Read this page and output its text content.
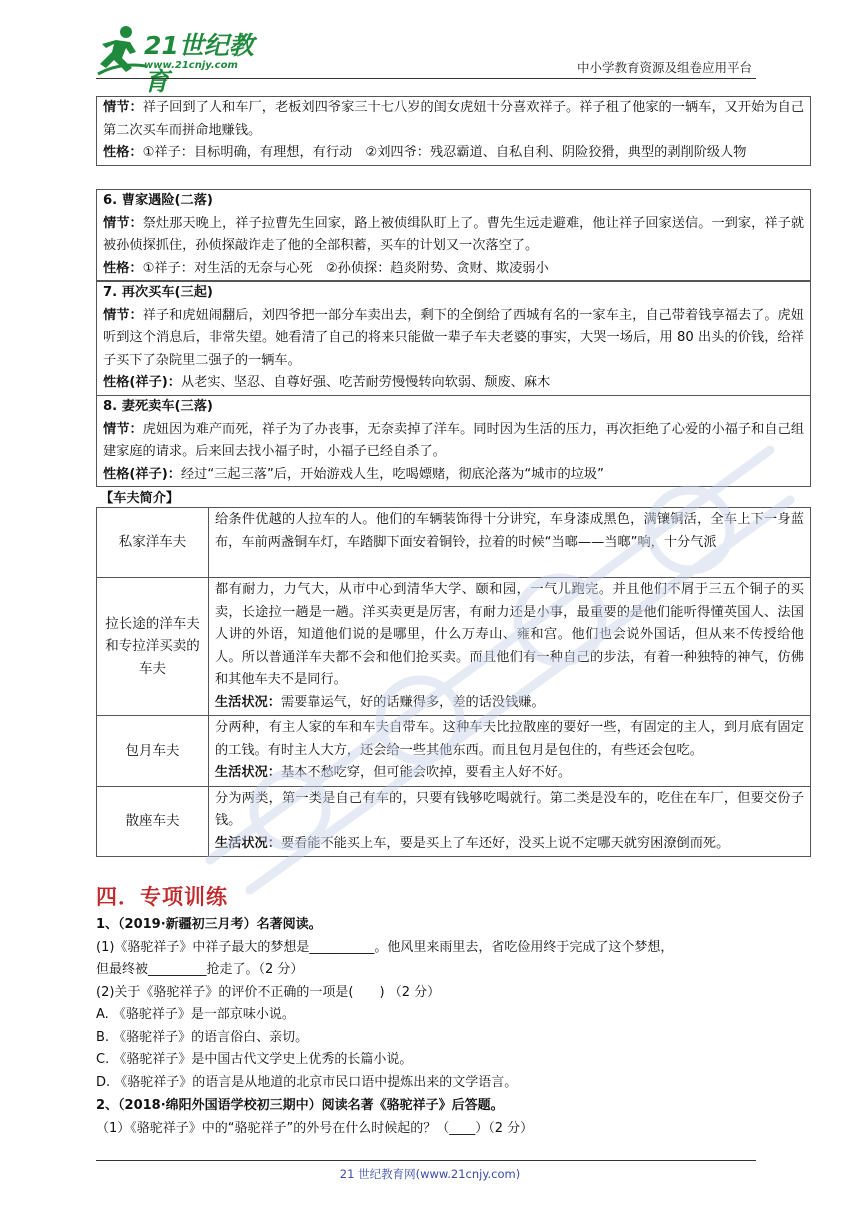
21世纪教育
www.21cnjy.com	中小学教育资源及组卷应用平台

情节：祥子回到了人和车厂，老板刘四爷家三十七八岁的闺女虎妞十分喜欢祥子。祥子租了他家的一辆车，又开始为自己第二次买车而拼命地赚钱。

性格：①祥子：目标明确，有理想，有行动　②刘四爷：残忍霸道、自私自利、阴险狡猾，典型的剥削阶级人物

6. 曹家遇险(二落)

情节：祭灶那天晚上，祥子拉曹先生回家，路上被侦缉队盯上了。曹先生远走避难，他让祥子回家送信。一到家，祥子就被孙侦探抓住，孙侦探敲诈走了他的全部积蓄，买车的计划又一次落空了。

性格：①祥子：对生活的无奈与心死　②孙侦探：趋炎附势、贪财、欺凌弱小

7. 再次买车(三起)

情节：祥子和虎妞闹翻后，刘四爷把一部分车卖出去，剩下的全倒给了西城有名的一家车主，自己带着钱享福去了。虎妞听到这个消息后，非常失望。她看清了自己的将来只能做一辈子车夫老婆的事实，大哭一场后，用 80 出头的价钱，给祥子买下了杂院里二强子的一辆车。

性格(祥子)：从老实、坚忍、自尊好强、吃苦耐劳慢慢转向软弱、颓废、麻木

8. 妻死卖车(三落)

情节：虎妞因为难产而死，祥子为了办丧事，无奈卖掉了洋车。同时因为生活的压力，再次拒绝了心爱的小福子和自己组建家庭的请求。后来回去找小福子时，小福子已经自杀了。

性格(祥子)：经过“三起三落”后，开始游戏人生，吃喝嫖赌，彻底沦落为“城市的垃圾”

【车夫简介】
私家洋车夫	给条件优越的人拉车的人。他们的车辆装饰得十分讲究，车身漆成黑色，满镶铜活，全车上下一身蓝布，车前两盏铜车灯，车踏脚下面安着铜铃，拉着的时候“当啷——当啷”响，十分气派
拉长途的洋车夫和专拉洋买卖的车夫	都有耐力，力气大，从市中心到清华大学、颐和园，一气儿跑完。并且他们不屑于三五个铜子的买卖，长途拉一趟是一趟。洋买卖更是厉害，有耐力还是小事，最重要的是他们能听得懂英国人、法国人讲的外语，知道他们说的是哪里，什么万寿山、雍和宫。他们也会说外国话，但从来不传授给他人。所以普通洋车夫都不会和他们抢买卖。而且他们有一种自己的步法，有着一种独特的神气，仿佛和其他车夫不是同行。
生活状况：需要靠运气，好的话赚得多，差的话没钱赚。
包月车夫	分两种，有主人家的车和车夫自带车。这种车夫比拉散座的要好一些，有固定的主人，到月底有固定的工钱。有时主人大方，还会给一些其他东西。而且包月是包住的，有些还会包吃。
生活状况：基本不愁吃穿，但可能会吹掉，要看主人好不好。
散座车夫	分为两类，第一类是自己有车的，只要有钱够吃喝就行。第二类是没车的，吃住在车厂，但要交份子钱。
生活状况：要看能不能买上车，要是买上了车还好，没买上说不定哪天就穷困潦倒而死。
四．专项训练
1、（2019·新疆初三月考）名著阅读。
(1)《骆驼祥子》中祥子最大的梦想是__________。他风里来雨里去，省吃俭用终于完成了这个梦想，
但最终被_________抢走了。（2 分）
(2)关于《骆驼祥子》的评价不正确的一项是(　　) （2 分）
A. 《骆驼祥子》是一部京味小说。
B. 《骆驼祥子》的语言俗白、亲切。
C. 《骆驼祥子》是中国古代文学史上优秀的长篇小说。
D. 《骆驼祥子》的语言是从地道的北京市民口语中提炼出来的文学语言。
2、（2018·绵阳外国语学校初三期中）阅读名著《骆驼祥子》后答题。
（1）《骆驼祥子》中的“骆驼祥子”的外号在什么时候起的？（____）（2 分）
21 世纪教育网(www.21cnjy.com)
